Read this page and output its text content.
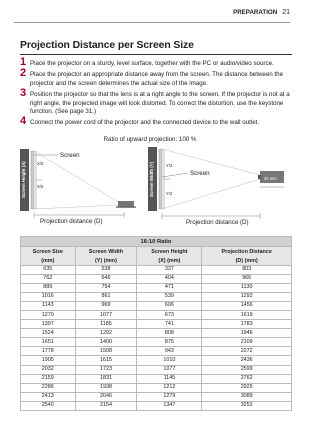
PREPARATION 21
Projection Distance per Screen Size
1 Place the projector on a sturdy, level surface, together with the PC or audio/video source.
2 Place the projector an appropriate distance away from the screen. The distance between the projector and the screen determines the actual size of the image.
3 Position the projector so that the lens is at a right angle to the screen. If the projector is not at a right angle, the projected image will look distorted. To correct the distortion, use the keystone function. (See page 31.)
4 Connect the power cord of the projector and the connected device to the wall outlet.
Ratio of upward projection: 100 %
Screen Height (X)	X/2
X/2
Screen
Projection distance (D)
Screen Width (Y)	Y/2
Y/2
Screen
30 mm
Projection distance (D)
16:10 Ratio			
Screen Size	Screen Width	Screen Height	Projection Distance
(mm)	(Y) (mm)	(X) (mm)	(D) (mm)
635	538	337	803
762	646	404	966
889	754	471	1130
1016	861	539	1293
1143	969	606	1456
1270	1077	673	1619
1397	1185	741	1783
1524	1292	808	1946
1651	1400	875	2109
1778	1508	943	2272
1905	1615	1010	2436
2032	1723	1077	2599
2159	1831	1145	2762
2286	1938	1212	2925
2413	2046	1279	3089
2540	2154	1347	3252
